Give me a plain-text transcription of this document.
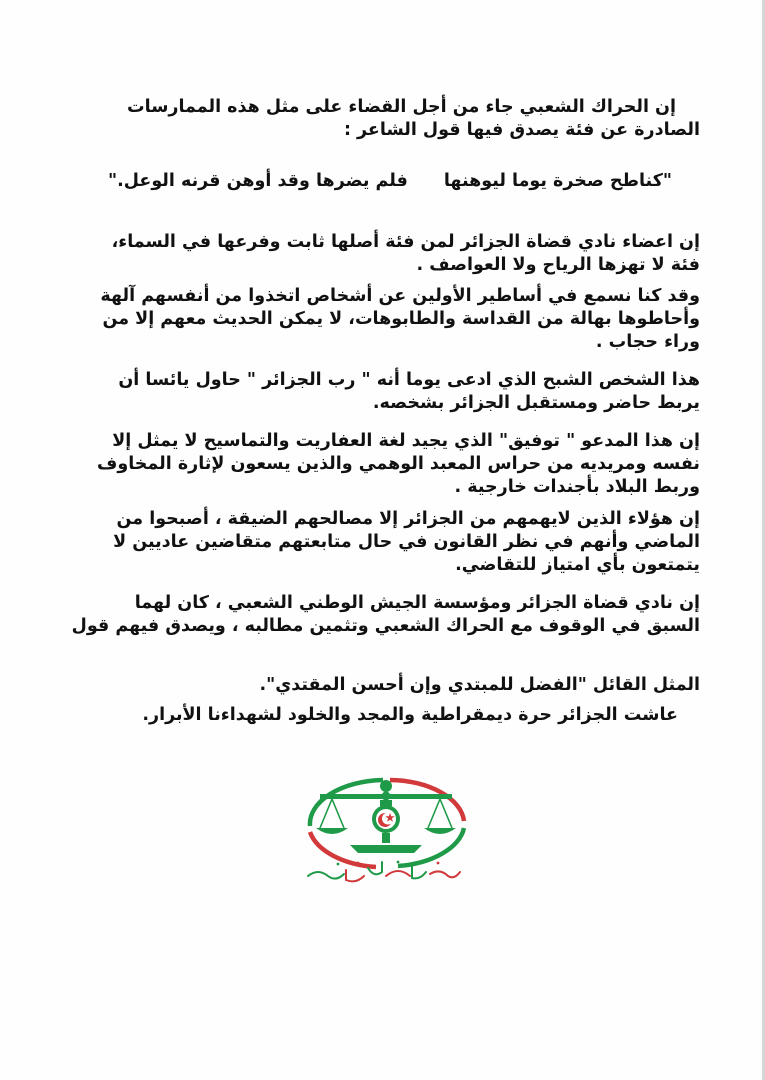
إن الحراك الشعبي جاء من أجل القضاء على مثل هذه الممارسات
الصادرة عن فئة يصدق فيها قول الشاعر :
"كناطح صخرة يوما ليوهنها
فلم يضرها وقد أوهن قرنه الوعل."
إن اعضاء نادي قضاة الجزائر لمن فئة أصلها ثابت وفرعها في السماء،
فئة لا تهزها الرياح ولا العواصف .
وقد كنا نسمع في أساطير الأولين عن أشخاص اتخذوا من أنفسهم آلهة
وأحاطوها بهالة من القداسة والطابوهات، لا يمكن الحديث معهم إلا من
وراء حجاب .
هذا الشخص الشبح الذي ادعى يوما أنه " رب الجزائر " حاول يائسا أن
يربط حاضر ومستقبل الجزائر بشخصه.
إن هذا المدعو " توفيق" الذي يجيد لغة العفاريت والتماسيح لا يمثل إلا
نفسه ومريديه من حراس المعبد الوهمي والذين يسعون لإثارة المخاوف
وربط البلاد بأجندات خارجية .
إن هؤلاء الذين لايهمهم من الجزائر إلا مصالحهم الضيقة ، أصبحوا من
الماضي وأنهم في نظر القانون في حال متابعتهم متقاضين عاديين لا
يتمتعون بأي امتياز للتقاضي.
إن نادي قضاة الجزائر ومؤسسة الجيش الوطني الشعبي ، كان لهما
السبق في الوقوف مع الحراك الشعبي وتثمين مطالبه ، ويصدق فيهم قول
المثل القائل "الفضل للمبتدي وإن أحسن المقتدي".
عاشت الجزائر حرة ديمقراطية والمجد والخلود لشهداءنا الأبرار.
